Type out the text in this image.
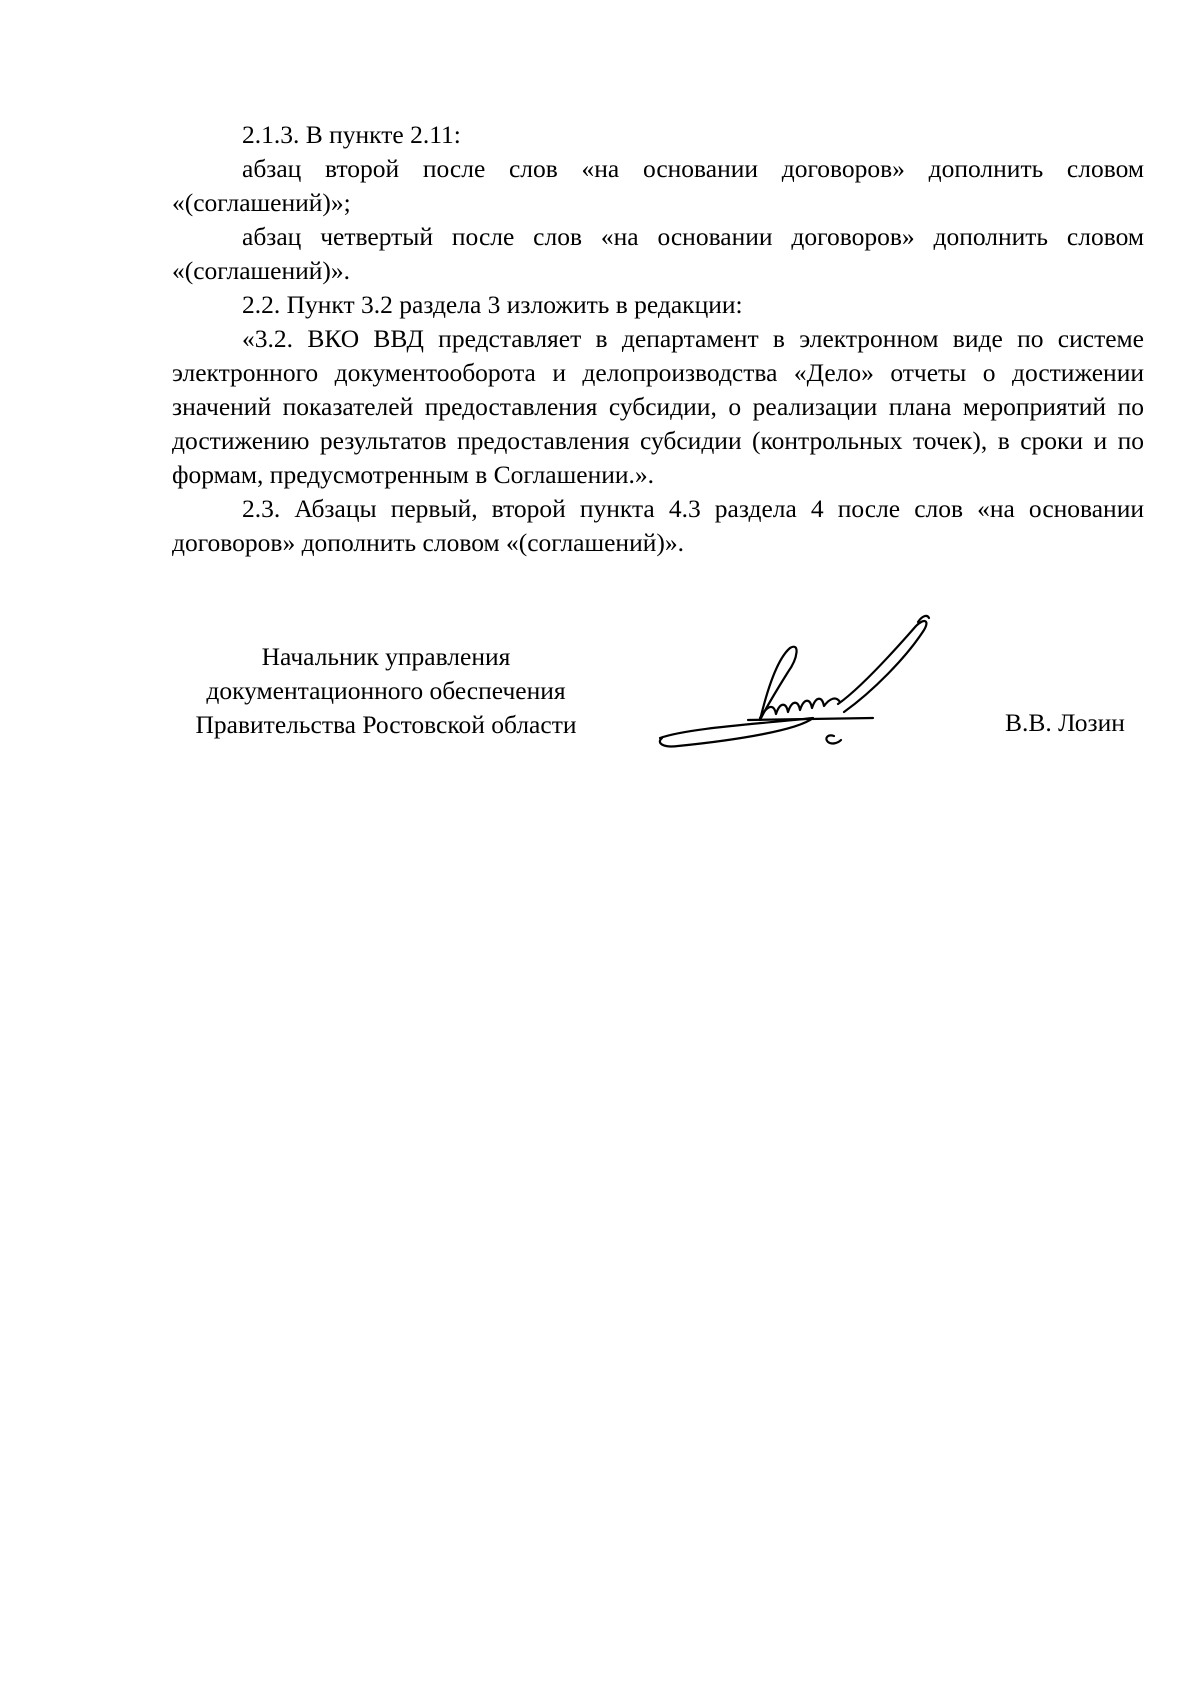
2.1.3. В пункте 2.11:

абзац второй после слов «на основании договоров» дополнить словом «(соглашений)»;

абзац четвертый после слов «на основании договоров» дополнить словом «(соглашений)».

2.2. Пункт 3.2 раздела 3 изложить в редакции:

«3.2. ВКО ВВД представляет в департамент в электронном виде по системе электронного документооборота и делопроизводства «Дело» отчеты о достижении значений показателей предоставления субсидии, о реализации плана мероприятий по достижению результатов предоставления субсидии (контрольных точек), в сроки и по формам, предусмотренным в Соглашении.».

2.3. Абзацы первый, второй пункта 4.3 раздела 4 после слов «на основании договоров» дополнить словом «(соглашений)».

Начальник управления
документационного обеспечения
Правительства Ростовской области	В.В. Лозин
